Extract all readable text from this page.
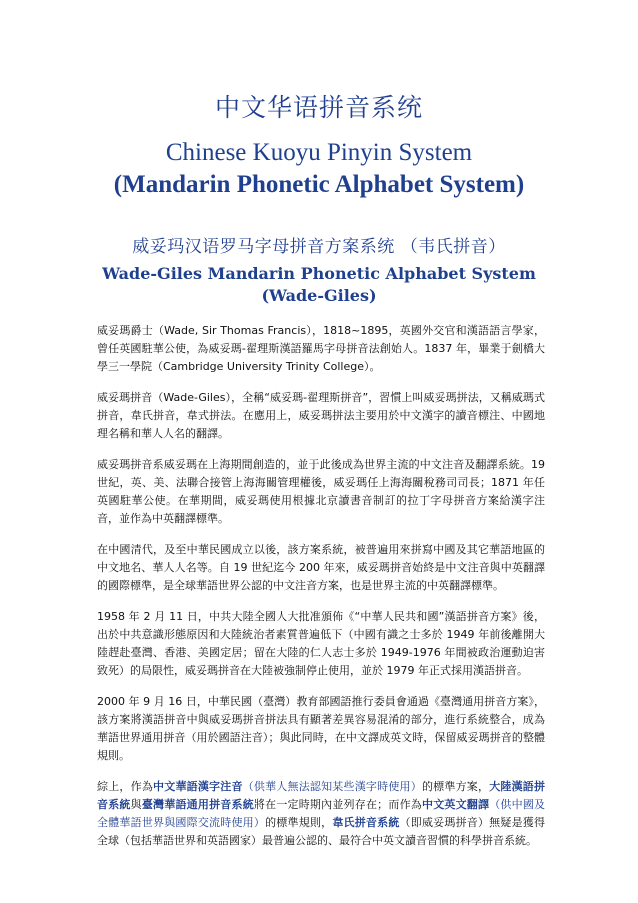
中文华语拼音系统
Chinese Kuoyu Pinyin System
(Mandarin Phonetic Alphabet System)
威妥玛汉语罗马字母拼音方案系统 （韦氏拼音）
Wade-Giles Mandarin Phonetic Alphabet System
(Wade-Giles)

威妥瑪爵士（Wade, Sir Thomas Francis），1818~1895，英國外交官和漢語語言學家，曾任英國駐華公使，為威妥瑪-翟理斯漢語羅馬字母拼音法創始人。1837 年，畢業于劍橋大學三一學院（Cambridge University Trinity College）。

威妥瑪拼音（Wade-Giles），全稱“威妥瑪-翟理斯拼音”，習慣上叫威妥瑪拼法，又稱威瑪式拼音，韋氏拼音，韋式拼法。在應用上，威妥瑪拼法主要用於中文漢字的讀音標注、中國地理名稱和華人人名的翻譯。

威妥瑪拼音系威妥瑪在上海期間創造的，並于此後成為世界主流的中文注音及翻譯系統。19 世紀，英、美、法聯合接管上海海關管理權後，威妥瑪任上海海關稅務司司長；1871 年任英國駐華公使。在華期間，威妥瑪使用根據北京讀書音制訂的拉丁字母拼音方案給漢字注音，並作為中英翻譯標準。

在中國清代，及至中華民國成立以後，該方案系統，被普遍用來拼寫中國及其它華語地區的中文地名、華人人名等。自 19 世紀迄今 200 年來，威妥瑪拼音始終是中文注音與中英翻譯的國際標準，是全球華語世界公認的中文注音方案，也是世界主流的中英翻譯標準。

1958 年 2 月 11 日，中共大陸全國人大批准頒佈《“中華人民共和國”漢語拼音方案》後，出於中共意識形態原因和大陸統治者素質普遍低下（中國有識之士多於 1949 年前後離開大陸趕赴臺灣、香港、美國定居；留在大陸的仁人志士多於 1949-1976 年間被政治運動迫害致死）的局限性，威妥瑪拼音在大陸被強制停止使用，並於 1979 年正式採用漢語拼音。

2000 年 9 月 16 日，中華民國（臺灣）教育部國語推行委員會通過《臺灣通用拼音方案》，該方案將漢語拼音中與威妥瑪拼音拼法具有顯著差異容易混淆的部分，進行系統整合，成為華語世界通用拼音（用於國語注音）；與此同時，在中文譯成英文時，保留威妥瑪拼音的整體規則。

綜上，作為中文華語漢字注音（供華人無法認知某些漢字時使用）的標準方案，大陸漢語拼音系統與臺灣華語通用拼音系統將在一定時期內並列存在；而作為中文英文翻譯（供中國及全體華語世界與國際交流時使用）的標準規則，韋氏拼音系統（即威妥瑪拼音）無疑是獲得全球（包括華語世界和英語國家）最普遍公認的、最符合中英文讀音習慣的科學拼音系統。
